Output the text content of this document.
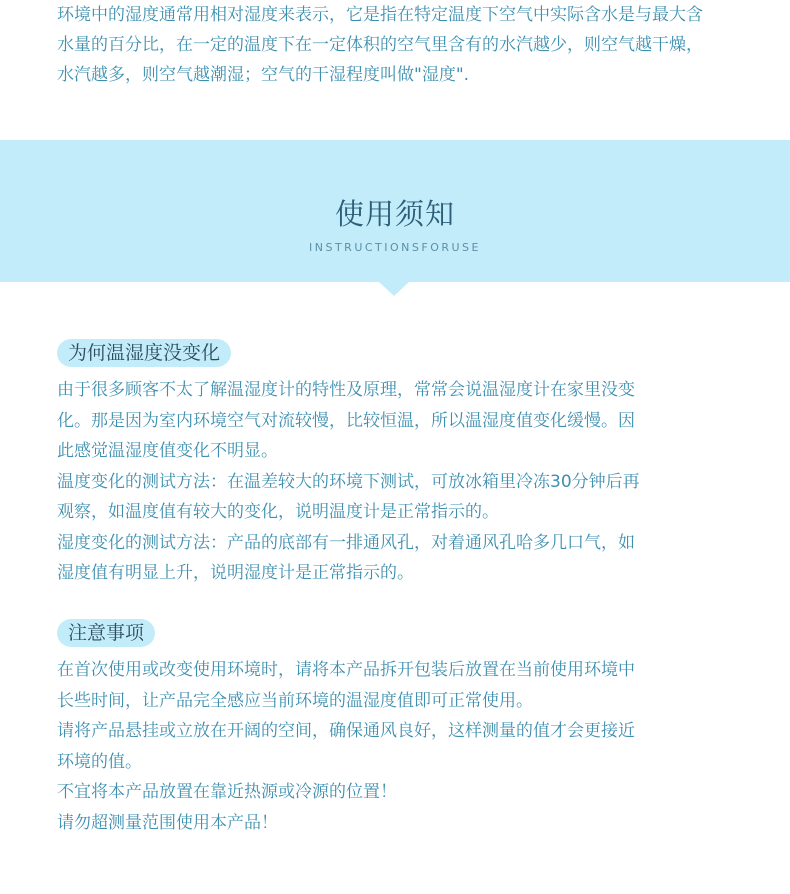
环境中的湿度通常用相对湿度来表示，它是指在特定温度下空气中实际含水是与最大含

水量的百分比，在一定的温度下在一定体积的空气里含有的水汽越少，则空气越干燥，

水汽越多，则空气越潮湿；空气的干湿程度叫做"湿度".

使用须知
INSTRUCTIONSFORUSE
为何温湿度没变化

由于很多顾客不太了解温湿度计的特性及原理，常常会说温湿度计在家里没变

化。那是因为室内环境空气对流较慢，比较恒温，所以温湿度值变化缓慢。因

此感觉温湿度值变化不明显。

温度变化的测试方法：在温差较大的环境下测试，可放冰箱里冷冻30分钟后再

观察，如温度值有较大的变化，说明温度计是正常指示的。

湿度变化的测试方法：产品的底部有一排通风孔，对着通风孔哈多几口气，如

湿度值有明显上升，说明湿度计是正常指示的。

注意事项

在首次使用或改变使用环境时，请将本产品拆开包装后放置在当前使用环境中

长些时间，让产品完全感应当前环境的温湿度值即可正常使用。

请将产品悬挂或立放在开阔的空间，确保通风良好，这样测量的值才会更接近

环境的值。

不宜将本产品放置在靠近热源或冷源的位置！

请勿超测量范围使用本产品！
